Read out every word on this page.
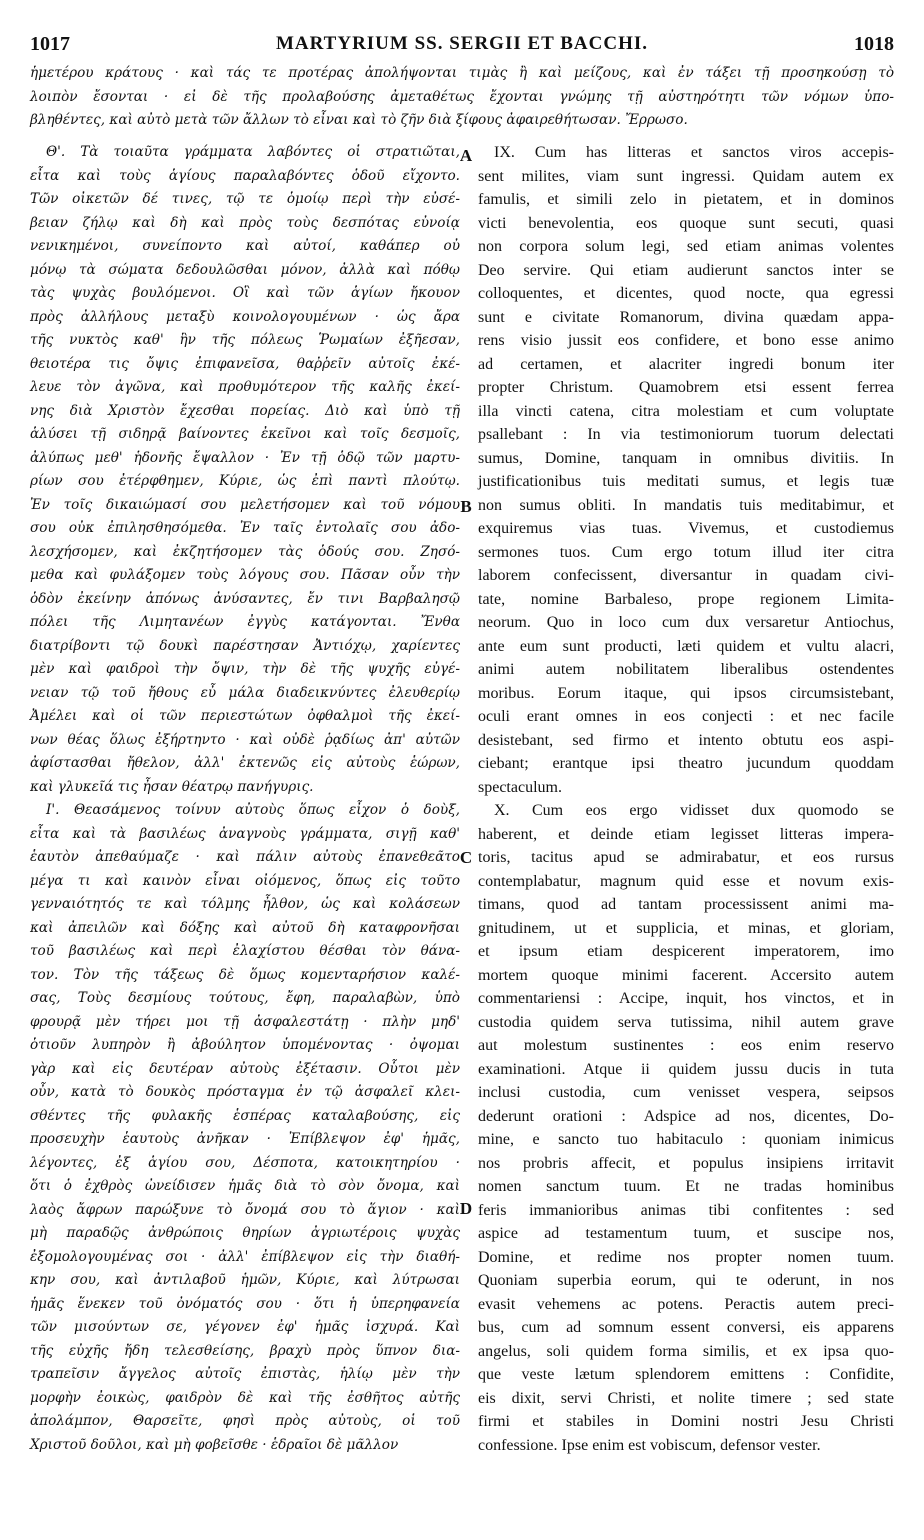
MARTYRIUM SS. SERGII ET BACCHI.
1017	1018
ἡμετέρου κράτους · καὶ τάς τε προτέρας ἀπολήψονται τιμὰς ἢ καὶ μείζους, καὶ ἐν τάξει τῇ προσηκούσῃ τὸ
λοιπὸν ἔσονται · εἰ δὲ τῆς προλαβούσης ἀμεταθέτως ἔχονται γνώμης τῇ αὐστηρότητι τῶν νόμων ὑπο-
βληθέντες, καὶ αὐτὸ μετὰ τῶν ἄλλων τὸ εἶναι καὶ τὸ ζῆν διὰ ξίφους ἀφαιρεθήτωσαν. Ἔρρωσο.
Θ'. Τὰ τοιαῦτα γράμματα λαβόντες οἱ στρατιῶται,
εἶτα καὶ τοὺς ἁγίους παραλαβόντες ὁδοῦ εἴχοντο.
Τῶν οἰκετῶν δέ τινες, τῷ τε ὁμοίῳ περὶ τὴν εὐσέ-
βειαν ζήλῳ καὶ δὴ καὶ πρὸς τοὺς δεσπότας εὐνοίᾳ
νενικημένοι, συνείποντο καὶ αὐτοί, καθάπερ οὐ
μόνῳ τὰ σώματα δεδουλῶσθαι μόνον, ἀλλὰ καὶ πόθῳ
τὰς ψυχὰς βουλόμενοι. Οἳ καὶ τῶν ἁγίων ἤκουον
πρὸς ἀλλήλους μεταξὺ κοινολογουμένων · ὡς ἄρα
τῆς νυκτὸς καθ' ἣν τῆς πόλεως Ῥωμαίων ἐξῆεσαν,
θειοτέρα τις ὄψις ἐπιφανεῖσα, θαῤῥεῖν αὐτοῖς ἐκέ-
λευε τὸν ἀγῶνα, καὶ προθυμότερον τῆς καλῆς ἐκεί-
νης διὰ Χριστὸν ἔχεσθαι πορείας. Διὸ καὶ ὑπὸ τῇ
ἁλύσει τῇ σιδηρᾷ βαίνοντες ἐκεῖνοι καὶ τοῖς δεσμοῖς,
ἀλύπως μεθ' ἡδονῆς ἔψαλλον · Ἐν τῇ ὁδῷ τῶν μαρτυ-
ρίων σου ἐτέρφθημεν, Κύριε, ὡς ἐπὶ παντὶ πλούτῳ.
Ἐν τοῖς δικαιώμασί σου μελετήσομεν καὶ τοῦ νόμου
σου οὐκ ἐπιλησθησόμεθα. Ἐν ταῖς ἐντολαῖς σου ἀδο-
λεσχήσομεν, καὶ ἐκζητήσομεν τὰς ὁδούς σου. Ζησό-
μεθα καὶ φυλάξομεν τοὺς λόγους σου. Πᾶσαν οὖν τὴν
ὁδὸν ἐκείνην ἀπόνως ἀνύσαντες, ἔν τινι Βαρβαλησῷ
πόλει τῆς Λιμητανέων ἐγγὺς κατάγονται. Ἔνθα
διατρίβοντι τῷ δουκὶ παρέστησαν Ἀντιόχῳ, χαρίεντες
μὲν καὶ φαιδροὶ τὴν ὄψιν, τὴν δὲ τῆς ψυχῆς εὐγέ-
νειαν τῷ τοῦ ἤθους εὖ μάλα διαδεικνύντες ἐλευθερίῳ
Ἀμέλει καὶ οἱ τῶν περιεστώτων ὀφθαλμοὶ τῆς ἐκεί-
νων θέας ὅλως ἐξήρτηντο · καὶ οὐδὲ ῥᾳδίως ἀπ' αὐτῶν
ἀφίστασθαι ἤθελον, ἀλλ' ἐκτενῶς εἰς αὐτοὺς ἑώρων,
καὶ γλυκεῖά τις ἦσαν θέατρῳ πανήγυρις.
Ι'. Θεασάμενος τοίνυν αὐτοὺς ὅπως εἶχον ὁ δοὺξ,
εἶτα καὶ τὰ βασιλέως ἀναγνοὺς γράμματα, σιγῇ καθ'
ἑαυτὸν ἀπεθαύμαζε · καὶ πάλιν αὐτοὺς ἐπανεθεᾶτο
μέγα τι καὶ καινὸν εἶναι οἰόμενος, ὅπως εἰς τοῦτο
γενναιότητός τε καὶ τόλμης ἦλθον, ὡς καὶ κολάσεων
καὶ ἀπειλῶν καὶ δόξης καὶ αὐτοῦ δὴ καταφρονῆσαι
τοῦ βασιλέως καὶ περὶ ἐλαχίστου θέσθαι τὸν θάνα-
τον. Τὸν τῆς τάξεως δὲ ὅμως κομενταρήσιον καλέ-
σας, Τοὺς δεσμίους τούτους, ἔφη, παραλαβὼν, ὑπὸ
φρουρᾷ μὲν τήρει μοι τῇ ἀσφαλεστάτῃ · πλὴν μηδ'
ὁτιοῦν λυπηρὸν ἢ ἀβούλητον ὑπομένοντας · ὀψομαι
γὰρ καὶ εἰς δευτέραν αὐτοὺς ἐξέτασιν. Οὗτοι μὲν
οὖν, κατὰ τὸ δουκὸς πρόσταγμα ἐν τῷ ἀσφαλεῖ κλει-
σθέντες τῆς φυλακῆς ἑσπέρας καταλαβούσης, εἰς
προσευχὴν ἑαυτοὺς ἀνῆκαν · Ἐπίβλεψον ἐφ' ἡμᾶς,
λέγοντες, ἐξ ἁγίου σου, Δέσποτα, κατοικητηρίου ·
ὅτι ὁ ἐχθρὸς ὠνείδισεν ἡμᾶς διὰ τὸ σὸν ὄνομα, καὶ
λαὸς ἄφρων παρώξυνε τὸ ὄνομά σου τὸ ἅγιον · καὶ
μὴ παραδῷς ἀνθρώποις θηρίων ἀγριωτέροις ψυχὰς
ἐξομολογουμένας σοι · ἀλλ' ἐπίβλεψον εἰς τὴν διαθή-
κην σου, καὶ ἀντιλαβοῦ ἡμῶν, Κύριε, καὶ λύτρωσαι
ἡμᾶς ἕνεκεν τοῦ ὀνόματός σου · ὅτι ἡ ὑπερηφανεία
τῶν μισούντων σε, γέγονεν ἐφ' ἡμᾶς ἰσχυρά. Καὶ
τῆς εὐχῆς ἤδη τελεσθείσης, βραχὺ πρὸς ὕπνον δια-
τραπεῖσιν ἄγγελος αὐτοῖς ἐπιστὰς, ἡλίῳ μὲν τὴν
μορφὴν ἐοικὼς, φαιδρὸν δὲ καὶ τῆς ἐσθῆτος αὐτῆς
ἀπολάμπον, Θαρσεῖτε, φησὶ πρὸς αὐτοὺς, οἱ τοῦ
Χριστοῦ δοῦλοι, καὶ μὴ φοβεῖσθε · ἑδραῖοι δὲ μᾶλλον
IX. Cum has litteras et sanctos viros accepis-
sent milites, viam sunt ingressi. Quidam autem ex
famulis, et simili zelo in pietatem, et in dominos
victi benevolentia, eos quoque sunt secuti, quasi
non corpora solum legi, sed etiam animas volentes
Deo servire. Qui etiam audierunt sanctos inter se
colloquentes, et dicentes, quod nocte, qua egressi
sunt e civitate Romanorum, divina quædam appa-
rens visio jussit eos confidere, et bono esse animo
ad certamen, et alacriter ingredi bonum iter
propter Christum. Quamobrem etsi essent ferrea
illa vincti catena, citra molestiam et cum voluptate
psallebant : In via testimoniorum tuorum delectati
sumus, Domine, tanquam in omnibus divitiis. In
justificationibus tuis meditati sumus, et legis tuæ
non sumus obliti. In mandatis tuis meditabimur, et
exquiremus vias tuas. Vivemus, et custodiemus
sermones tuos. Cum ergo totum illud iter citra
laborem confecissent, diversantur in quadam civi-
tate, nomine Barbaleso, prope regionem Limita-
neorum. Quo in loco cum dux versaretur Antiochus,
ante eum sunt producti, læti quidem et vultu alacri,
animi autem nobilitatem liberalibus ostendentes
moribus. Eorum itaque, qui ipsos circumsistebant,
oculi erant omnes in eos conjecti : et nec facile
desistebant, sed firmo et intento obtutu eos aspi-
ciebant; erantque ipsi theatro jucundum quoddam
spectaculum.
X. Cum eos ergo vidisset dux quomodo se
haberent, et deinde etiam legisset litteras impera-
toris, tacitus apud se admirabatur, et eos rursus
contemplabatur, magnum quid esse et novum exis-
timans, quod ad tantam processissent animi ma-
gnitudinem, ut et supplicia, et minas, et gloriam,
et ipsum etiam despicerent imperatorem, imo
mortem quoque minimi facerent. Accersito autem
commentariensi : Accipe, inquit, hos vinctos, et in
custodia quidem serva tutissima, nihil autem grave
aut molestum sustinentes : eos enim reservo
examinationi. Atque ii quidem jussu ducis in tuta
inclusi custodia, cum venisset vespera, seipsos
dederunt orationi : Adspice ad nos, dicentes, Do-
mine, e sancto tuo habitaculo : quoniam inimicus
nos probris affecit, et populus insipiens irritavit
nomen sanctum tuum. Et ne tradas hominibus
feris immanioribus animas tibi confitentes : sed
aspice ad testamentum tuum, et suscipe nos,
Domine, et redime nos propter nomen tuum.
Quoniam superbia eorum, qui te oderunt, in nos
evasit vehemens ac potens. Peractis autem preci-
bus, cum ad somnum essent conversi, eis apparens
angelus, soli quidem forma similis, et ex ipsa quo-
que veste lætum splendorem emittens : Confidite,
eis dixit, servi Christi, et nolite timere ; sed state
firmi et stabiles in Domini nostri Jesu Christi
confessione. Ipse enim est vobiscum, defensor vester.
A
B
C
D
